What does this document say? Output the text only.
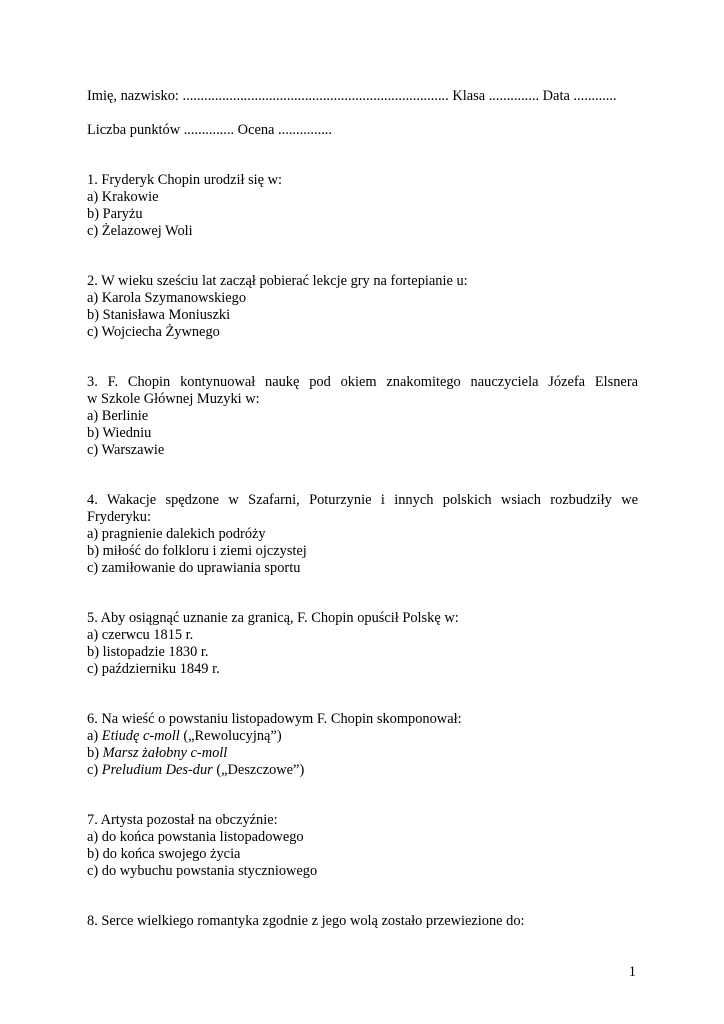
Imię, nazwisko: .......................................................................... Klasa .............. Data ............
Liczba punktów .............. Ocena ...............
1. Fryderyk Chopin urodził się w:
a) Krakowie
b) Paryżu
c) Żelazowej Woli
2. W wieku sześciu lat zaczął pobierać lekcje gry na fortepianie u:
a) Karola Szymanowskiego
b) Stanisława Moniuszki
c) Wojciecha Żywnego
3. F. Chopin kontynuował naukę pod okiem znakomitego nauczyciela Józefa Elsnera
w Szkole Głównej Muzyki w:
a) Berlinie
b) Wiedniu
c) Warszawie
4. Wakacje spędzone w Szafarni, Poturzynie i innych polskich wsiach rozbudziły we
Fryderyku:
a) pragnienie dalekich podróży
b) miłość do folkloru i ziemi ojczystej
c) zamiłowanie do uprawiania sportu
5. Aby osiągnąć uznanie za granicą, F. Chopin opuścił Polskę w:
a) czerwcu 1815 r.
b) listopadzie 1830 r.
c) październiku 1849 r.
6. Na wieść o powstaniu listopadowym F. Chopin skomponował:
a) Etiudę c-moll („Rewolucyjną”)
b) Marsz żałobny c-moll
c) Preludium Des-dur („Deszczowe”)
7. Artysta pozostał na obczyźnie:
a) do końca powstania listopadowego
b) do końca swojego życia
c) do wybuchu powstania styczniowego
8. Serce wielkiego romantyka zgodnie z jego wolą zostało przewiezione do:
1
